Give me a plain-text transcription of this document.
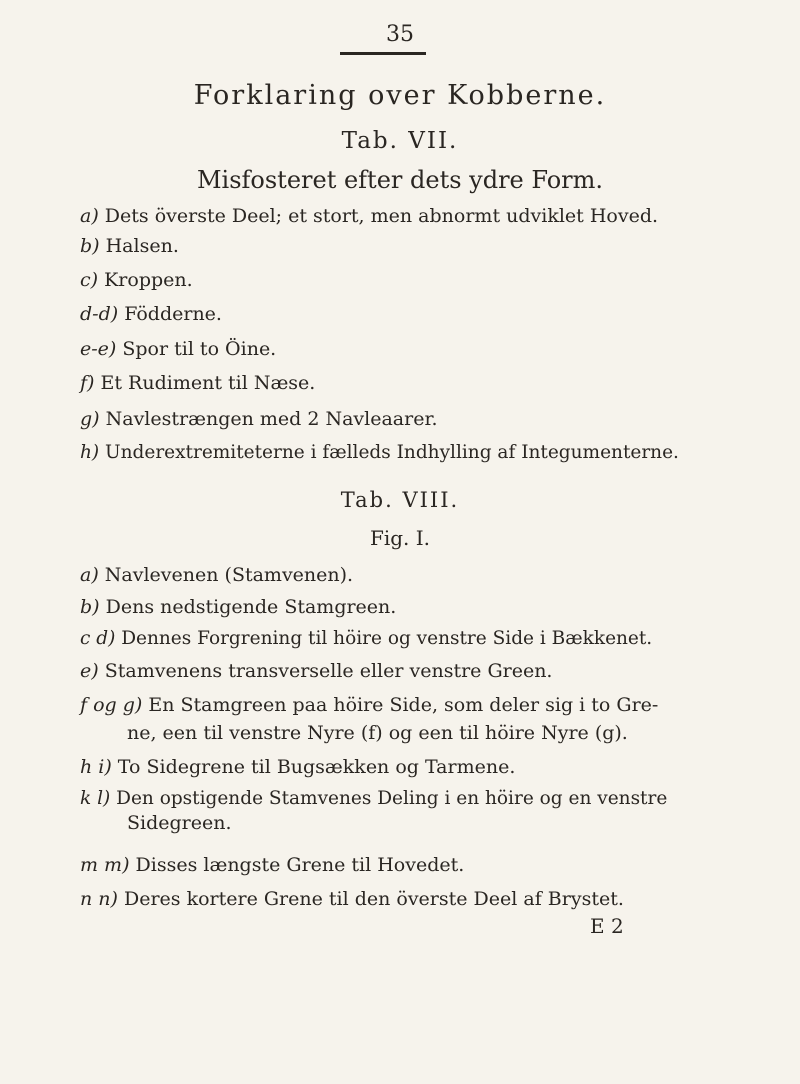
35
Forklaring over Kobberne.
Tab. VII.
Misfosteret efter dets ydre Form.
a) Dets överste Deel; et stort, men abnormt udviklet Hoved.
b) Halsen.
c) Kroppen.
d-d) Födderne.
e-e) Spor til to Öine.
f) Et Rudiment til Næse.
g) Navlestrængen med 2 Navleaarer.
h) Underextremiteterne i fælleds Indhylling af Integumenterne.
Tab. VIII.
Fig. I.
a) Navlevenen (Stamvenen).
b) Dens nedstigende Stamgreen.
c d) Dennes Forgrening til höire og venstre Side i Bækkenet.
e) Stamvenens transverselle eller venstre Green.
f og g) En Stamgreen paa höire Side, som deler sig i to Gre-
ne, een til venstre Nyre (f) og een til höire Nyre (g).
h i) To Sidegrene til Bugsækken og Tarmene.
k l) Den opstigende Stamvenes Deling i en höire og en venstre
Sidegreen.
m m) Disses længste Grene til Hovedet.
n n) Deres kortere Grene til den överste Deel af Brystet.
E 2
